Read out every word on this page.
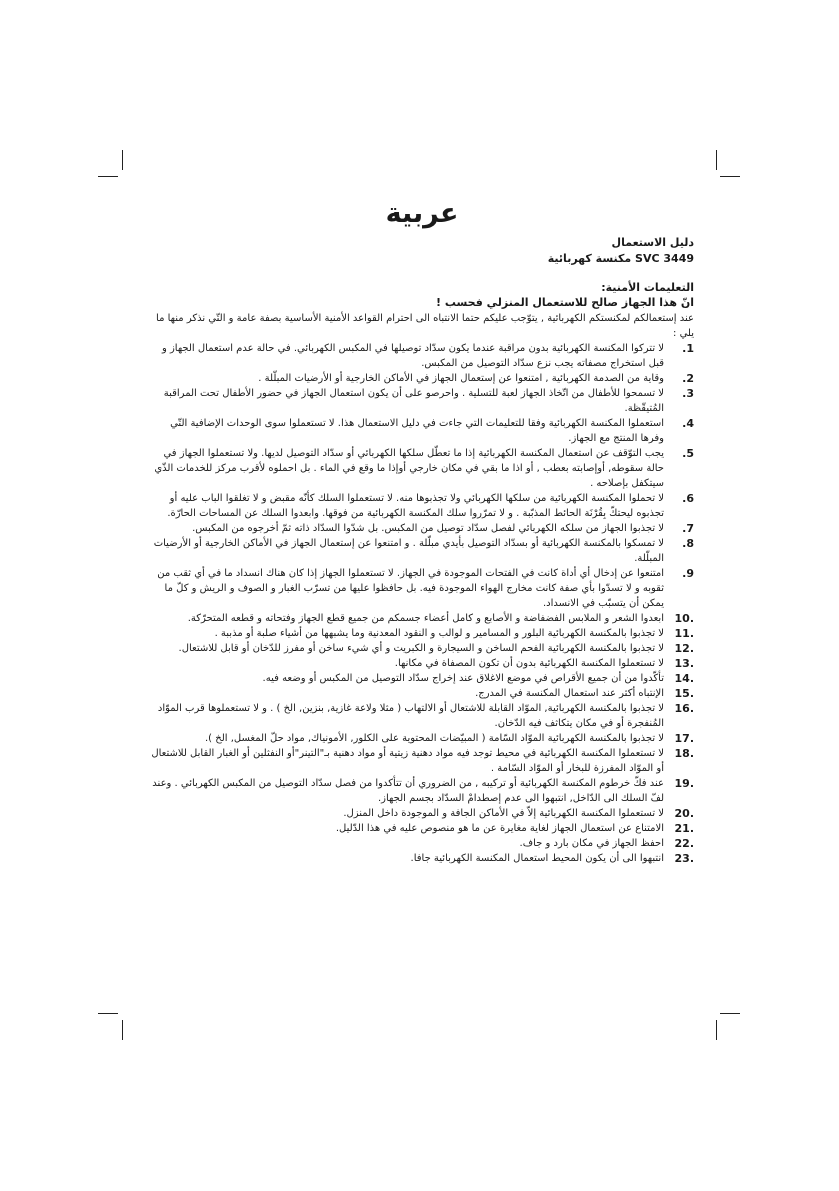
عربية
دليل الاستعمال
SVC 3449 مكنسة كهربائية
التعليمات الأمنية:
انّ هذا الجهاز صالح للاستعمال المنزلي فحسب !
عند إستعمالكم لمكنستكم الكهربائية , يتوّجب عليكم حتما الانتباه الى احترام القواعد الأمنية الأساسية بصفة عامة و التّي نذكر منها ما يلي :
1.
لا تتركوا المكنسة الكهربائية بدون مراقبة عندما يكون سدّاد توصيلها في المكبس الكهربائي. في حالة عدم استعمال الجهاز و قبل استخراج مصفاته يجب نزع سدّاد التوصيل من المكبس.
2.
وقاية من الصدمة الكهربائية , امتنعوا عن إستعمال الجهاز في الأماكن الخارجية أو الأرضيات المبلّلة .
3.
لا تسمحوا للأطفال من اتّخاذ الجهاز لعبة للتسلية . واحرصو على أن يكون استعمال الجهاز في حضور الأطفال تحت المراقبة المُتيقّظة.
4.
استعملوا المكنسة الكهربائية وفقا للتعليمات التي جاءت في دليل الاستعمال هذا. لا تستعملوا سوى الوحدات الإضافية التّي وفرها المنتج مع الجهاز.
5.
يجب التوّقف عن استعمال المكنسة الكهربائية إذا ما تعطّل سلكها الكهربائي أو سدّاد التوصيل لديها. ولا تستعملوا الجهاز في حالة سقوطه, أوإصابته بعطب , أو اذا ما بقي في مكان خارجي أوإذا ما وقع في الماء . بل احملوه لأقرب مركز للخدمات الذّي سيتكفل بإصلاحه .
6.
لا تحملوا المكنسة الكهربائية من سلكها الكهربائي ولا تجذبوها منه. لا تستعملوا السلك كأنّه مقبض و لا تغلقوا الباب عليه أو تجذبوه ليحتكّ بِقُرْنَة الحائط المذبّبة . و لا تمرّروا سلك المكنسة الكهربائية من فوقها. وابعدوا السلك عن المساحات الحارّة.
7.
لا تجذبوا الجهاز من سلكه الكهربائي لفصل سدّاد توصيل من المكبس. بل شدّوا السدّاد ذاته ثمّ أخرجوه من المكبس.
8.
لا تمسكوا بالمكنسة الكهربائية أو بسدّاد التوصيل بأيدي مبلّلة . و امتنعوا عن إستعمال الجهاز في الأماكن الخارجية أو الأرضيات المبلّلة.
9.
امتنعوا عن إدخال أي أداة كانت في الفتحات الموجودة في الجهاز. لا تستعملوا الجهاز إذا كان هناك انسداد ما في أي ثقب من ثقوبه و لا تسدّوا بأي صفة كانت مخارج الهواء الموجودة فيه. بل حافظوا عليها من تسرّب الغبار و الصوف و الريش و كلّ ما يمكن أن يتسبّب في الانسداد.
.10
ابعدوا الشعر و الملابس الفضفاضة و الأصابع و كامل أعضاء جسمكم من جميع قطع الجهاز وفتحاته و قطعه المتحرّكة.
.11
لا تجذبوا بالمكنسة الكهربائية البلور و المسامير و لوالب و النقود المعدنية وما يشبهها من أشياء صلبة أو مذببة .
.12
لا تجذبوا بالمكنسة الكهربائية الفحم الساخن و السيجارة و الكبريت و أي شيء ساخن أو مفرز للدّخان أو قابل للاشتعال.
.13
لا تستعملوا المكنسة الكهربائية بدون أن تكون المصفاة في مكانها.
.14
تأكّدوا من أن جميع الأقراص في موضع الاغلاق عند إخراج سدّاد التوصيل من المكبس أو وضعه فيه.
.15
الإنتباه أكثر عند استعمال المكنسة في المدرج.
.16
لا تجذبوا بالمكنسة الكهربائية, الموّاد القابلة للاشتعال أو الالتهاب ( مثلا ولاعة غازية, بنزين, الخ ) . و لا تستعملوها قرب الموّاد المُنفجرة أو في مكان يتكاثف فيه الدّخان.
.17
لا تجذبوا بالمكنسة الكهربائية الموّاد السّامة ( المبيّضات المحتوية على الكلور, الأمونياك, مواد حلّ المغسل, الخ ).
.18
لا تستعملوا المكنسة الكهربائية في محيط توجد فيه مواد دهنية زيتية أو مواد دهنية بـ"التينر"أو النفثلين أو الغبار القابل للاشتعال أو الموّاد المفرزة للبخار أو الموّاد السّامة .
.19
عند فكّ خرطوم المكنسة الكهربائية أو تركيبه , من الضروري أن تتأكدوا من فصل سدّاد التوصيل من المكبس الكهربائي . وعند لفّ السلك الى الدّاخل, انتبهوا الى عدم إصطدامْ السدّاد بجسم الجهاز.
.20
لا تستعملوا المكنسة الكهربائية إلاّ في الأماكن الجافة و الموجودة داخل المنزل.
.21
الامتناع عن استعمال الجهاز لغاية مغايرة عن ما هو منصوص عليه في هذا الدّليل.
.22
احفظ الجهاز في مكان بارد و جاف.
.23
انتبهوا الى أن يكون المحيط استعمال المكنسة الكهربائية جافا.
